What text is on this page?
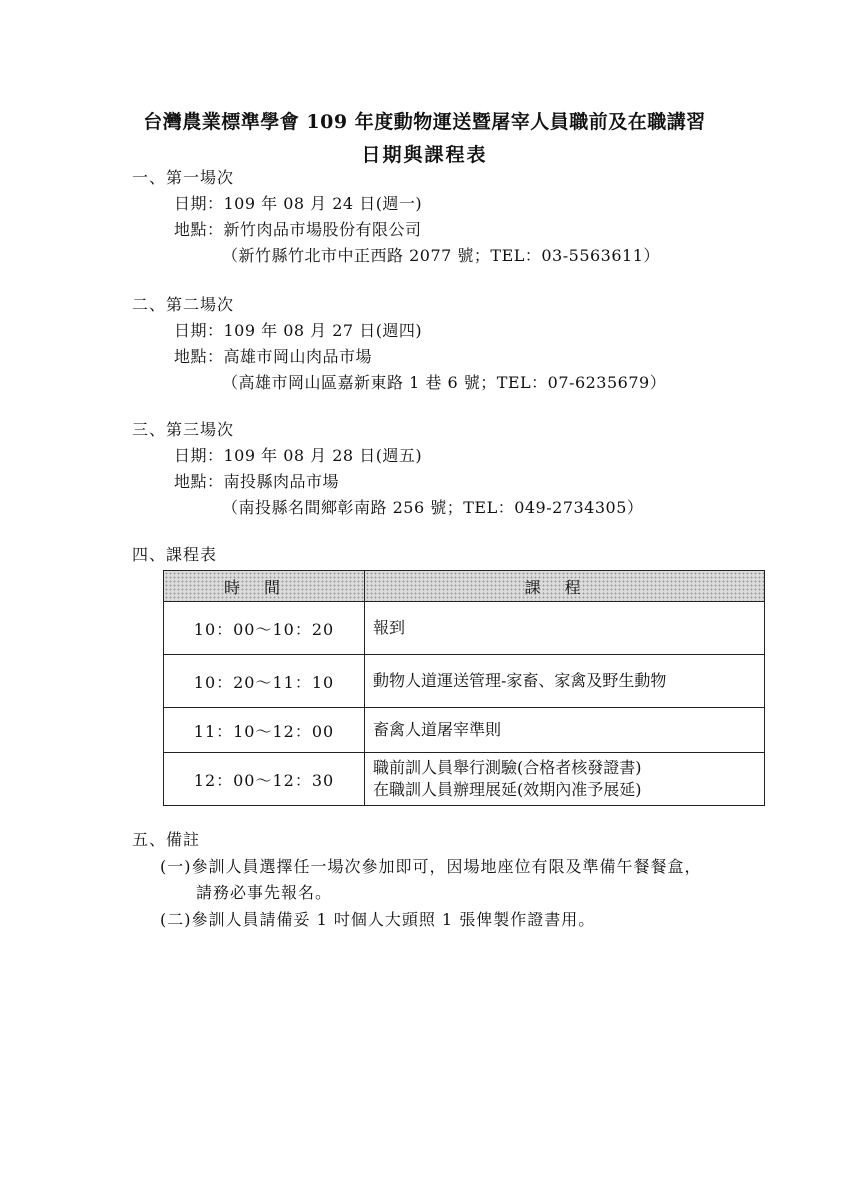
台灣農業標準學會 109 年度動物運送暨屠宰人員職前及在職講習
日期與課程表
一、第一場次
日期：109 年 08 月 24 日(週一)
地點：新竹肉品市場股份有限公司
（新竹縣竹北市中正西路 2077 號；TEL：03-5563611）
二、第二場次
日期：109 年 08 月 27 日(週四)
地點：高雄市岡山肉品市場
（高雄市岡山區嘉新東路 1 巷 6 號；TEL：07-6235679）
三、第三場次
日期：109 年 08 月 28 日(週五)
地點：南投縣肉品市場
（南投縣名間鄉彰南路 256 號；TEL：049-2734305）
四、課程表
時間	課程
10：00～10：20	報到

10：20～11：10	動物人道運送管理-家畜、家禽及野生動物

11：10～12：00	畜禽人道屠宰準則

12：00～12：30	職前訓人員舉行測驗(合格者核發證書)
在職訓人員辦理展延(效期內准予展延)
五、備註
(一)參訓人員選擇任一場次參加即可，因場地座位有限及準備午餐餐盒，
請務必事先報名。
(二)參訓人員請備妥 1 吋個人大頭照 1 張俾製作證書用。
